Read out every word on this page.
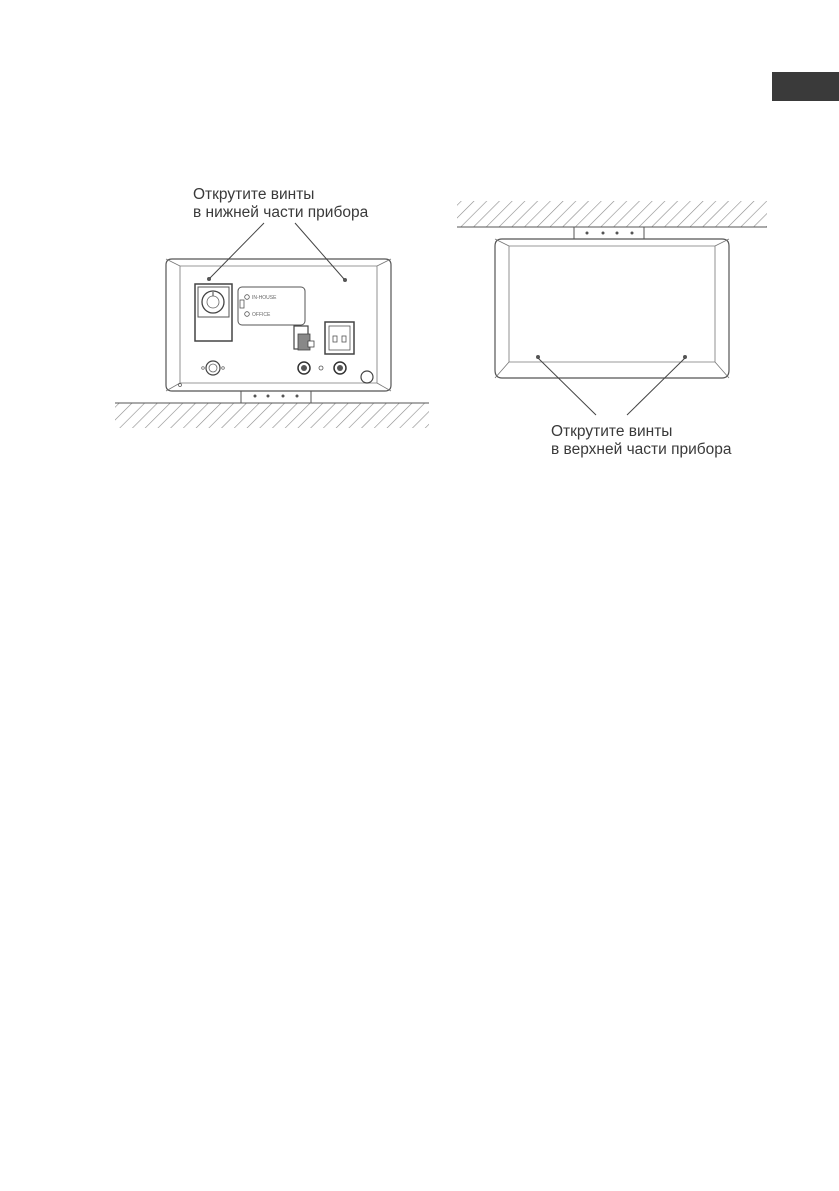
Открутите винты
в нижней части прибора
IN-HOUSE
OFFICE
Открутите винты
в верхней части прибора
